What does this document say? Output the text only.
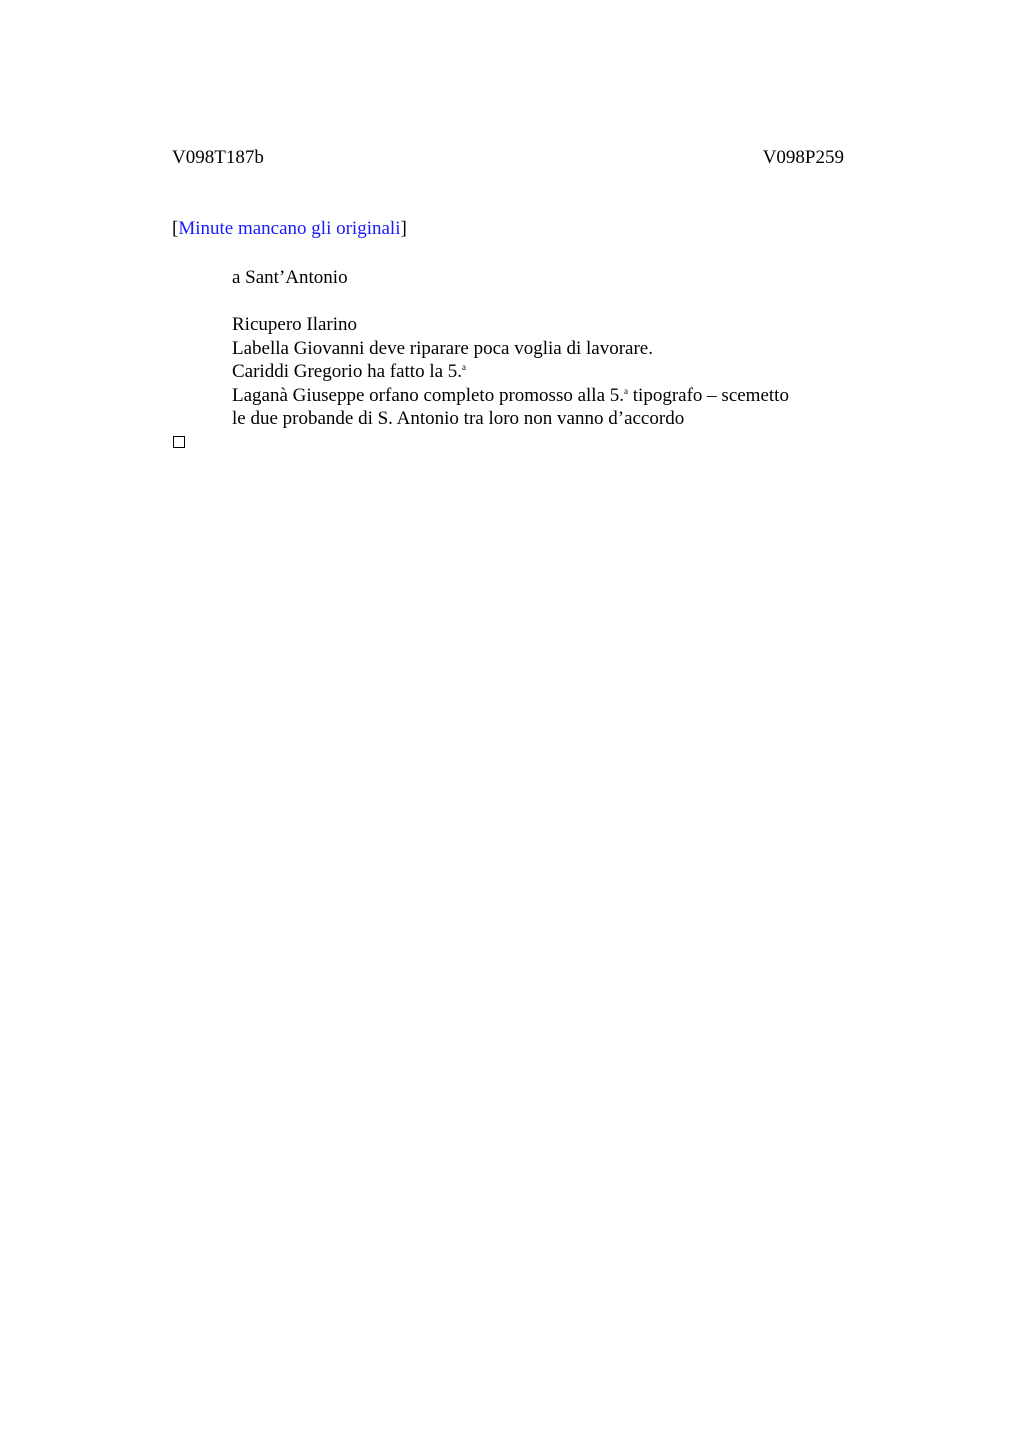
V098T187b	V098P259
[Minute mancano gli originali]
a Sant’Antonio
Ricupero Ilarino
Labella Giovanni deve riparare poca voglia di lavorare.
Cariddi Gregorio ha fatto la 5.$^a$
Laganà Giuseppe orfano completo promosso alla 5.$^a$ tipografo – scemetto
le due probande di S. Antonio tra loro non vanno d’accordo
